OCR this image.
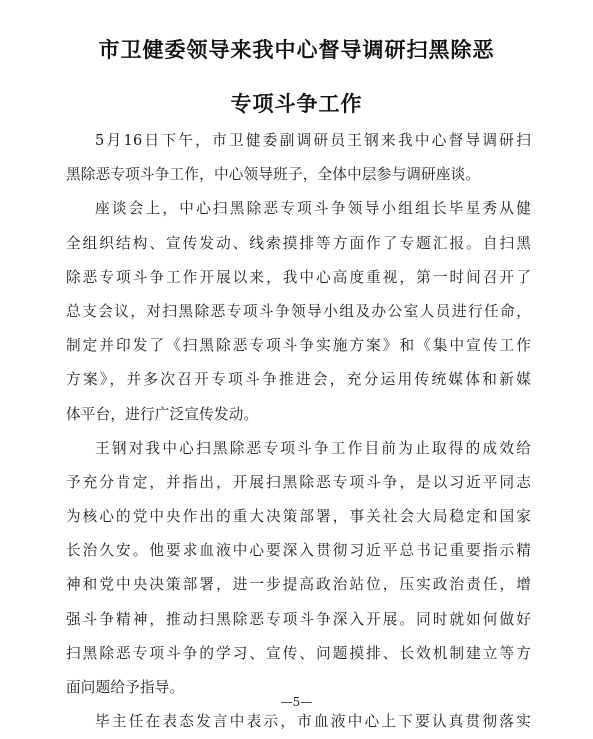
市卫健委领导来我中心督导调研扫黑除恶
专项斗争工作
5月16日下午，市卫健委副调研员王钢来我中心督导调研扫
黑除恶专项斗争工作，中心领导班子，全体中层参与调研座谈。
座谈会上，中心扫黑除恶专项斗争领导小组组长毕星秀从健
全组织结构、宣传发动、线索摸排等方面作了专题汇报。自扫黑
除恶专项斗争工作开展以来，我中心高度重视，第一时间召开了
总支会议，对扫黑除恶专项斗争领导小组及办公室人员进行任命，
制定并印发了《扫黑除恶专项斗争实施方案》和《集中宣传工作
方案》，并多次召开专项斗争推进会，充分运用传统媒体和新媒
体平台，进行广泛宣传发动。
王钢对我中心扫黑除恶专项斗争工作目前为止取得的成效给
予充分肯定，并指出，开展扫黑除恶专项斗争，是以习近平同志
为核心的党中央作出的重大决策部署，事关社会大局稳定和国家
长治久安。他要求血液中心要深入贯彻习近平总书记重要指示精
神和党中央决策部署，进一步提高政治站位，压实政治责任，增
强斗争精神，推动扫黑除恶专项斗争深入开展。同时就如何做好
扫黑除恶专项斗争的学习、宣传、问题摸排、长效机制建立等方
面问题给予指导。
毕主任在表态发言中表示，市血液中心上下要认真贯彻落实
—5—
